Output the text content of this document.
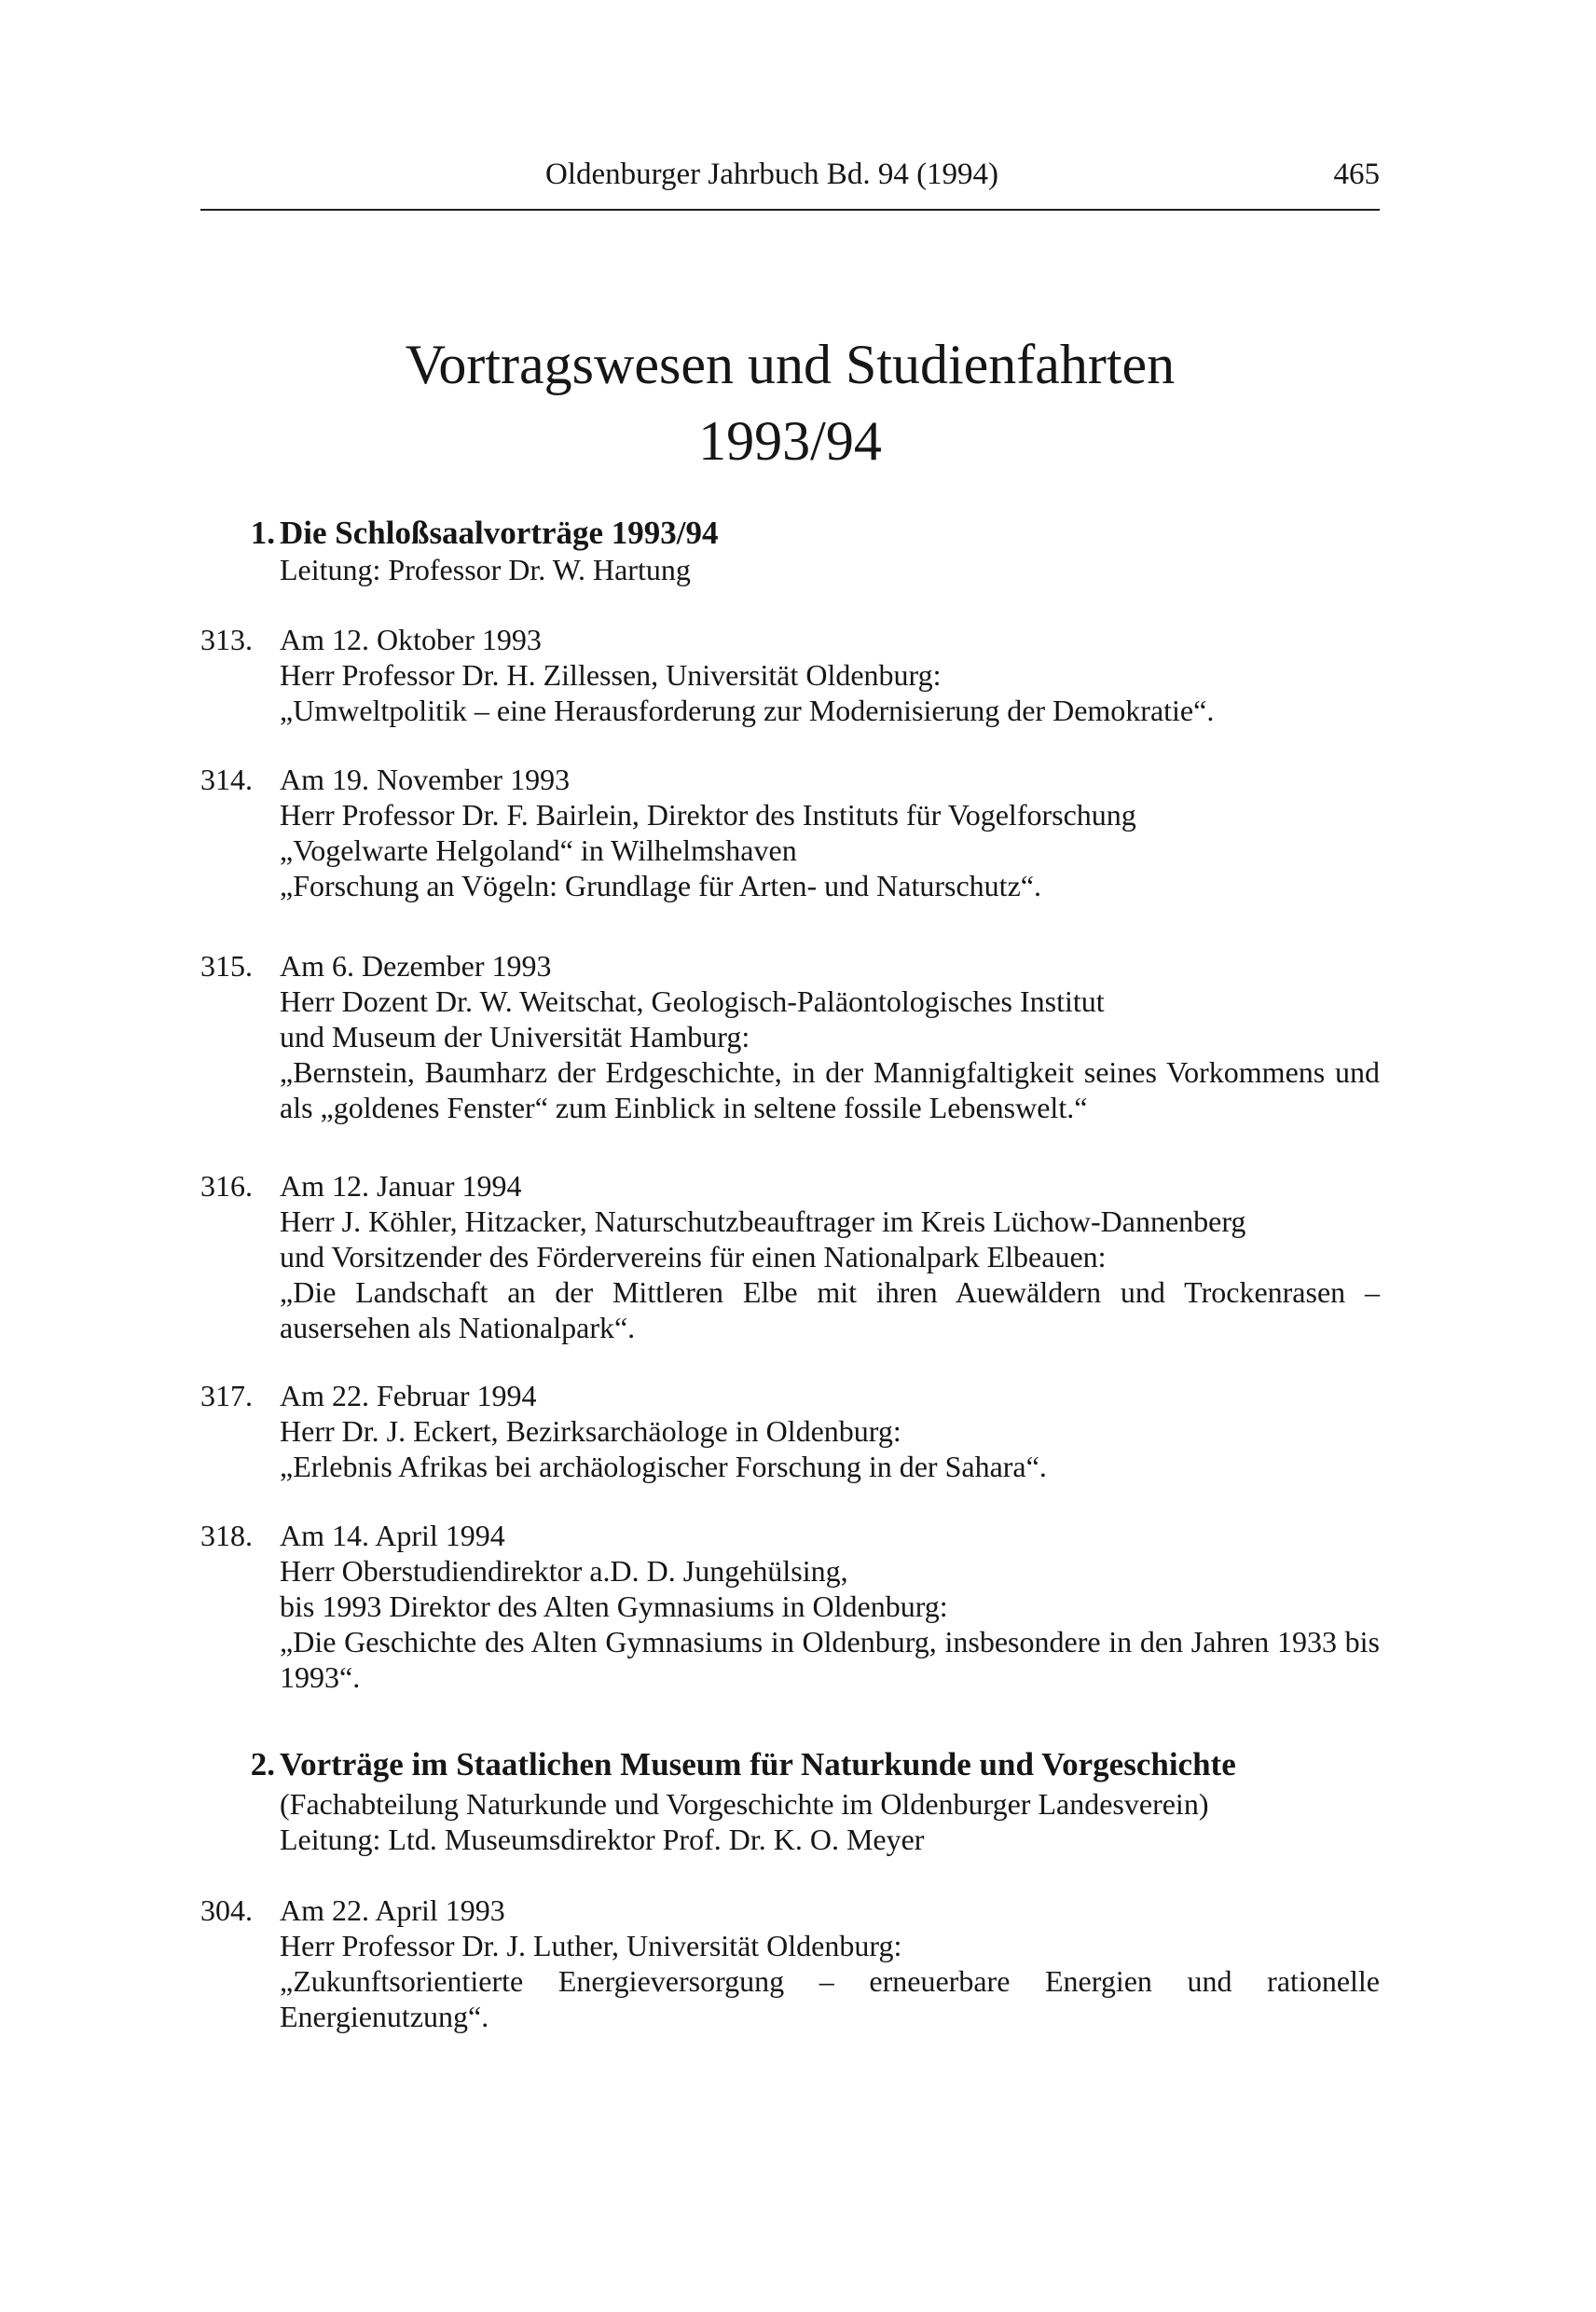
Oldenburger Jahrbuch Bd. 94 (1994)	465
Vortragswesen und Studienfahrten
1993/94
1. Die Schloßsaalvorträge 1993/94
Leitung: Professor Dr. W. Hartung
313. Am 12. Oktober 1993
Herr Professor Dr. H. Zillessen, Universität Oldenburg:
„Umweltpolitik – eine Herausforderung zur Modernisierung der Demokratie“.
314. Am 19. November 1993
Herr Professor Dr. F. Bairlein, Direktor des Instituts für Vogelforschung
„Vogelwarte Helgoland“ in Wilhelmshaven
„Forschung an Vögeln: Grundlage für Arten- und Naturschutz“.
315. Am 6. Dezember 1993
Herr Dozent Dr. W. Weitschat, Geologisch-Paläontologisches Institut
und Museum der Universität Hamburg:
„Bernstein, Baumharz der Erdgeschichte, in der Mannigfaltigkeit seines Vorkommens und als „goldenes Fenster“ zum Einblick in seltene fossile Lebenswelt.“
316. Am 12. Januar 1994
Herr J. Köhler, Hitzacker, Naturschutzbeauftrager im Kreis Lüchow-Dannenberg
und Vorsitzender des Fördervereins für einen Nationalpark Elbeauen:
„Die Landschaft an der Mittleren Elbe mit ihren Auewäldern und Trockenrasen – ausersehen als Nationalpark“.
317. Am 22. Februar 1994
Herr Dr. J. Eckert, Bezirksarchäologe in Oldenburg:
„Erlebnis Afrikas bei archäologischer Forschung in der Sahara“.
318. Am 14. April 1994
Herr Oberstudiendirektor a.D. D. Jungehülsing,
bis 1993 Direktor des Alten Gymnasiums in Oldenburg:
„Die Geschichte des Alten Gymnasiums in Oldenburg, insbesondere in den Jahren 1933 bis 1993“.
2. Vorträge im Staatlichen Museum für Naturkunde und Vorgeschichte
(Fachabteilung Naturkunde und Vorgeschichte im Oldenburger Landesverein)
Leitung: Ltd. Museumsdirektor Prof. Dr. K. O. Meyer
304. Am 22. April 1993
Herr Professor Dr. J. Luther, Universität Oldenburg:
„Zukunftsorientierte Energieversorgung – erneuerbare Energien und rationelle Energienutzung“.
